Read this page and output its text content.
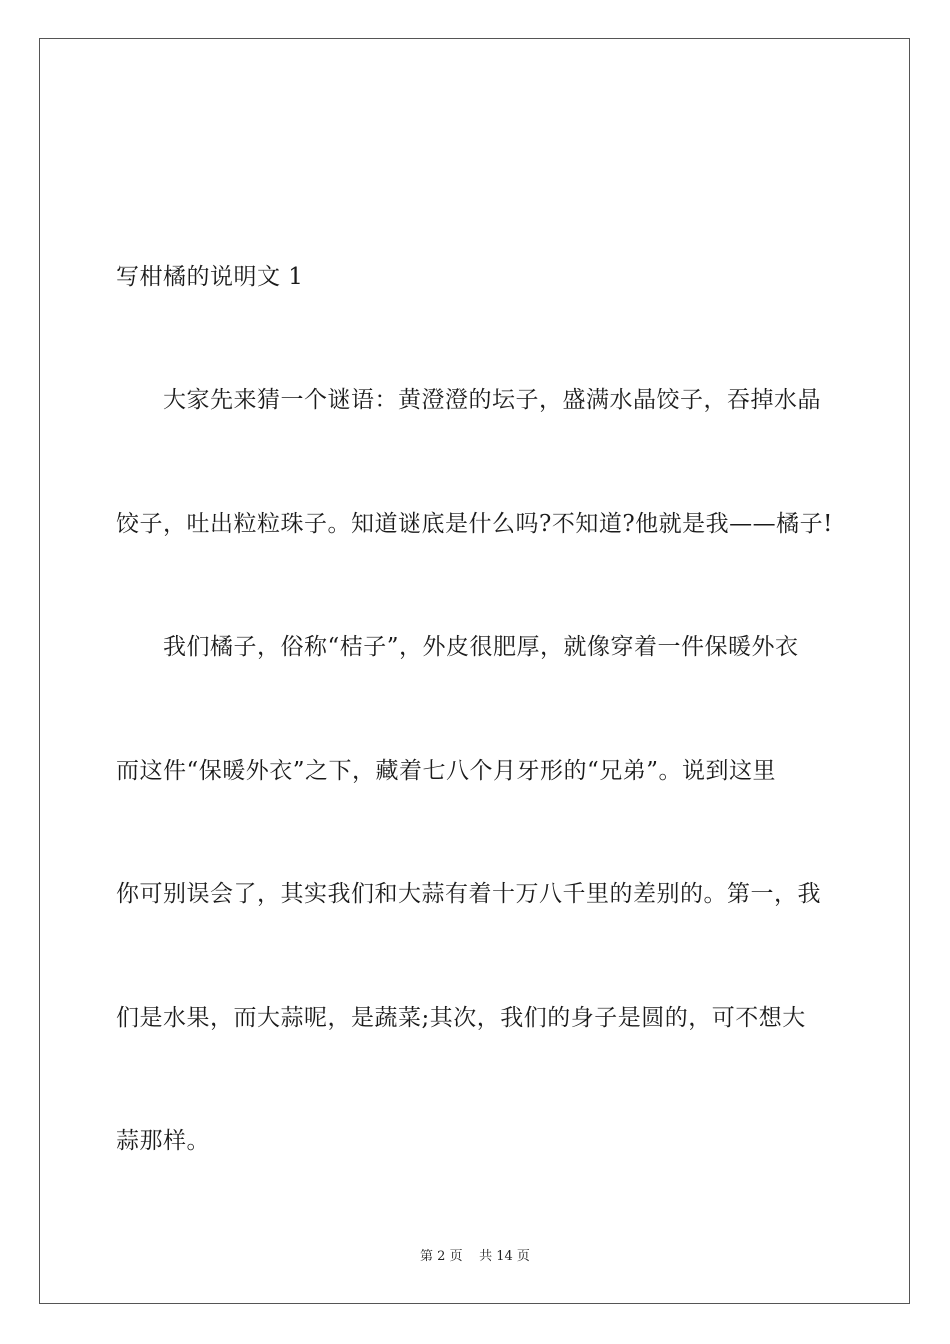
写柑橘的说明文 1
　　大家先来猜一个谜语：黄澄澄的坛子，盛满水晶饺子，吞掉水晶
饺子，吐出粒粒珠子。知道谜底是什么吗?不知道?他就是我——橘子!
　　我们橘子，俗称“桔子”，外皮很肥厚，就像穿着一件保暖外衣
而这件“保暖外衣”之下，藏着七八个月牙形的“兄弟”。说到这里
你可别误会了，其实我们和大蒜有着十万八千里的差别的。第一，我
们是水果，而大蒜呢，是蔬菜;其次，我们的身子是圆的，可不想大
蒜那样。
第 2 页 共 14 页
